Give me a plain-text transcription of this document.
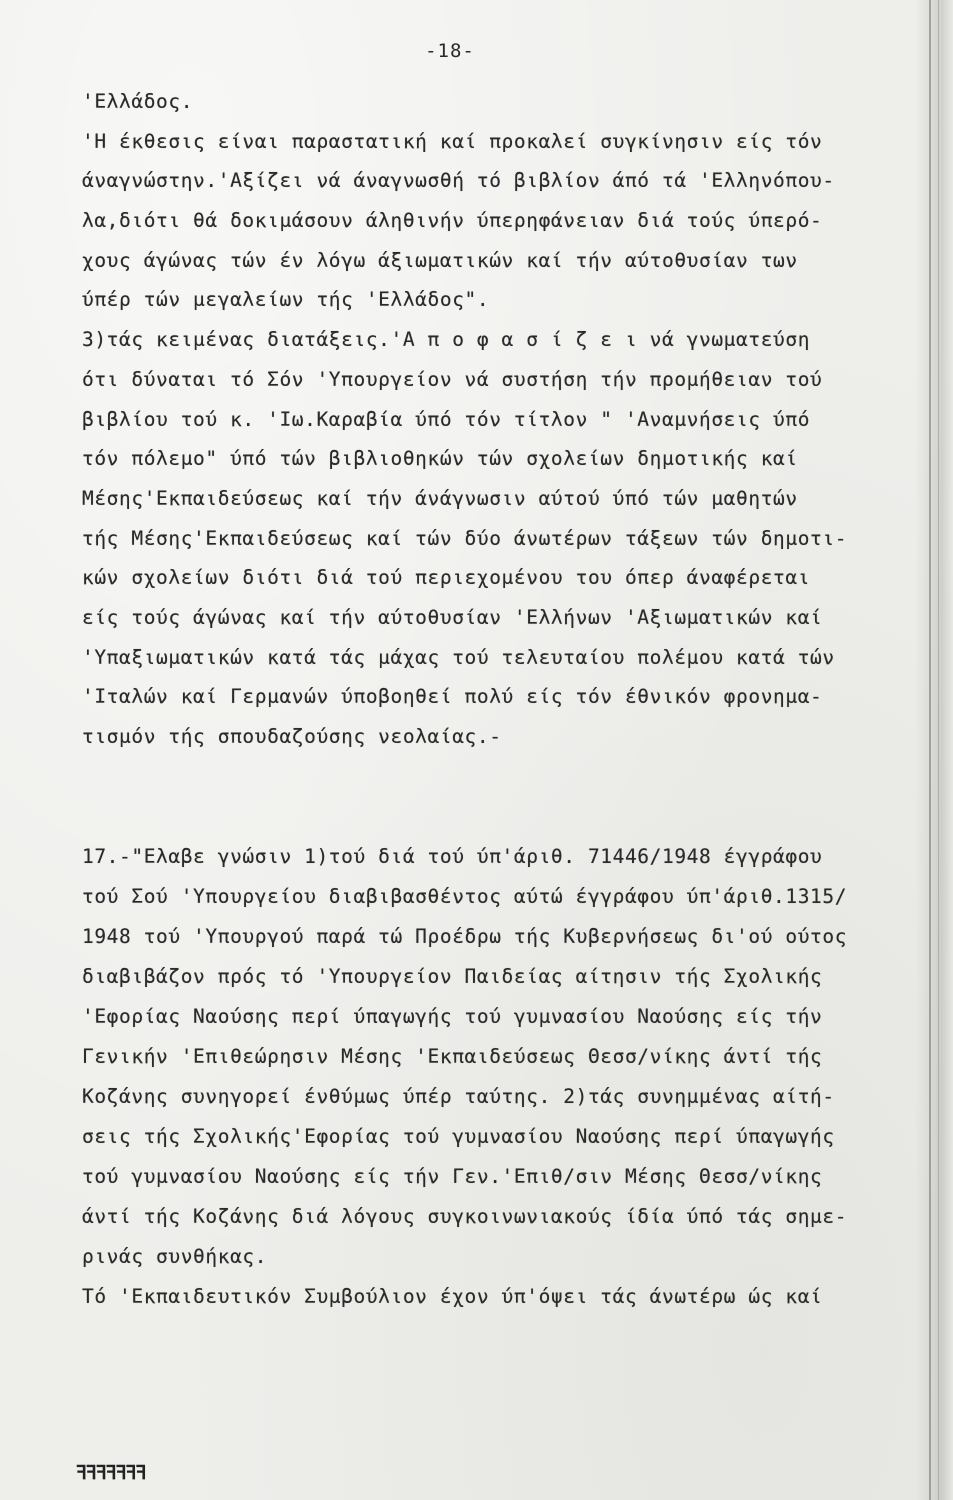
-18-
'Ελλάδος.
'Η έκθεσις είναι παραστατική καί προκαλεί συγκίνησιν είς τόν
άναγνώστην.'Αξίζει νά άναγνωσθή τό βιβλίον άπό τά 'Ελληνόπου-
λα,διότι θά δοκιμάσουν άληθινήν ύπερηφάνειαν διά τούς ύπερό-
χους άγώνας τών έν λόγω άξιωματικών καί τήν αύτοθυσίαν των
ύπέρ τών μεγαλείων τής 'Ελλάδος".
3)τάς κειμένας διατάξεις.'Α π ο φ α σ ί ζ ε ι νά γνωματεύση
ότι δύναται τό Σόν 'Υπουργείον νά συστήση τήν προμήθειαν τού
βιβλίου τού κ. 'Ιω.Καραβία ύπό τόν τίτλον " 'Αναμνήσεις ύπό
τόν πόλεμο" ύπό τών βιβλιοθηκών τών σχολείων δημοτικής καί
Μέσης'Εκπαιδεύσεως καί τήν άνάγνωσιν αύτού ύπό τών μαθητών
τής Μέσης'Εκπαιδεύσεως καί τών δύο άνωτέρων τάξεων τών δημοτι-
κών σχολείων διότι διά τού περιεχομένου του όπερ άναφέρεται
είς τούς άγώνας καί τήν αύτοθυσίαν 'Ελλήνων 'Αξιωματικών καί
'Υπαξιωματικών κατά τάς μάχας τού τελευταίου πολέμου κατά τών
'Ιταλών καί Γερμανών ύποβοηθεί πολύ είς τόν έθνικόν φρονημα-
τισμόν τής σπουδαζούσης νεολαίας.-
17.-"Ελαβε γνώσιν 1)τού διά τού ύπ'άριθ. 71446/1948 έγγράφου
τού Σού 'Υπουργείου διαβιβασθέντος αύτώ έγγράφου ύπ'άριθ.1315/
1948 τού 'Υπουργού παρά τώ Προέδρω τής Κυβερνήσεως δι'ού ούτος
διαβιβάζον πρός τό 'Υπουργείον Παιδείας αίτησιν τής Σχολικής
'Εφορίας Ναούσης περί ύπαγωγής τού γυμνασίου Ναούσης είς τήν
Γενικήν 'Επιθεώρησιν Μέσης 'Εκπαιδεύσεως Θεσσ/νίκης άντί τής
Κοζάνης συνηγορεί ένθύμως ύπέρ ταύτης. 2)τάς συνημμένας αίτή-
σεις τής Σχολικής'Εφορίας τού γυμνασίου Ναούσης περί ύπαγωγής
τού γυμνασίου Ναούσης είς τήν Γεν.'Επιθ/σιν Μέσης Θεσσ/νίκης
άντί τής Κοζάνης διά λόγους συγκοινωνιακούς ίδία ύπό τάς σημε-
ρινάς συνθήκας.
Τό 'Εκπαιδευτικόν Συμβούλιον έχον ύπ'όψει τάς άνωτέρω ώς καί
ꟻꟻꟻꟻꟻꟻꟻ
